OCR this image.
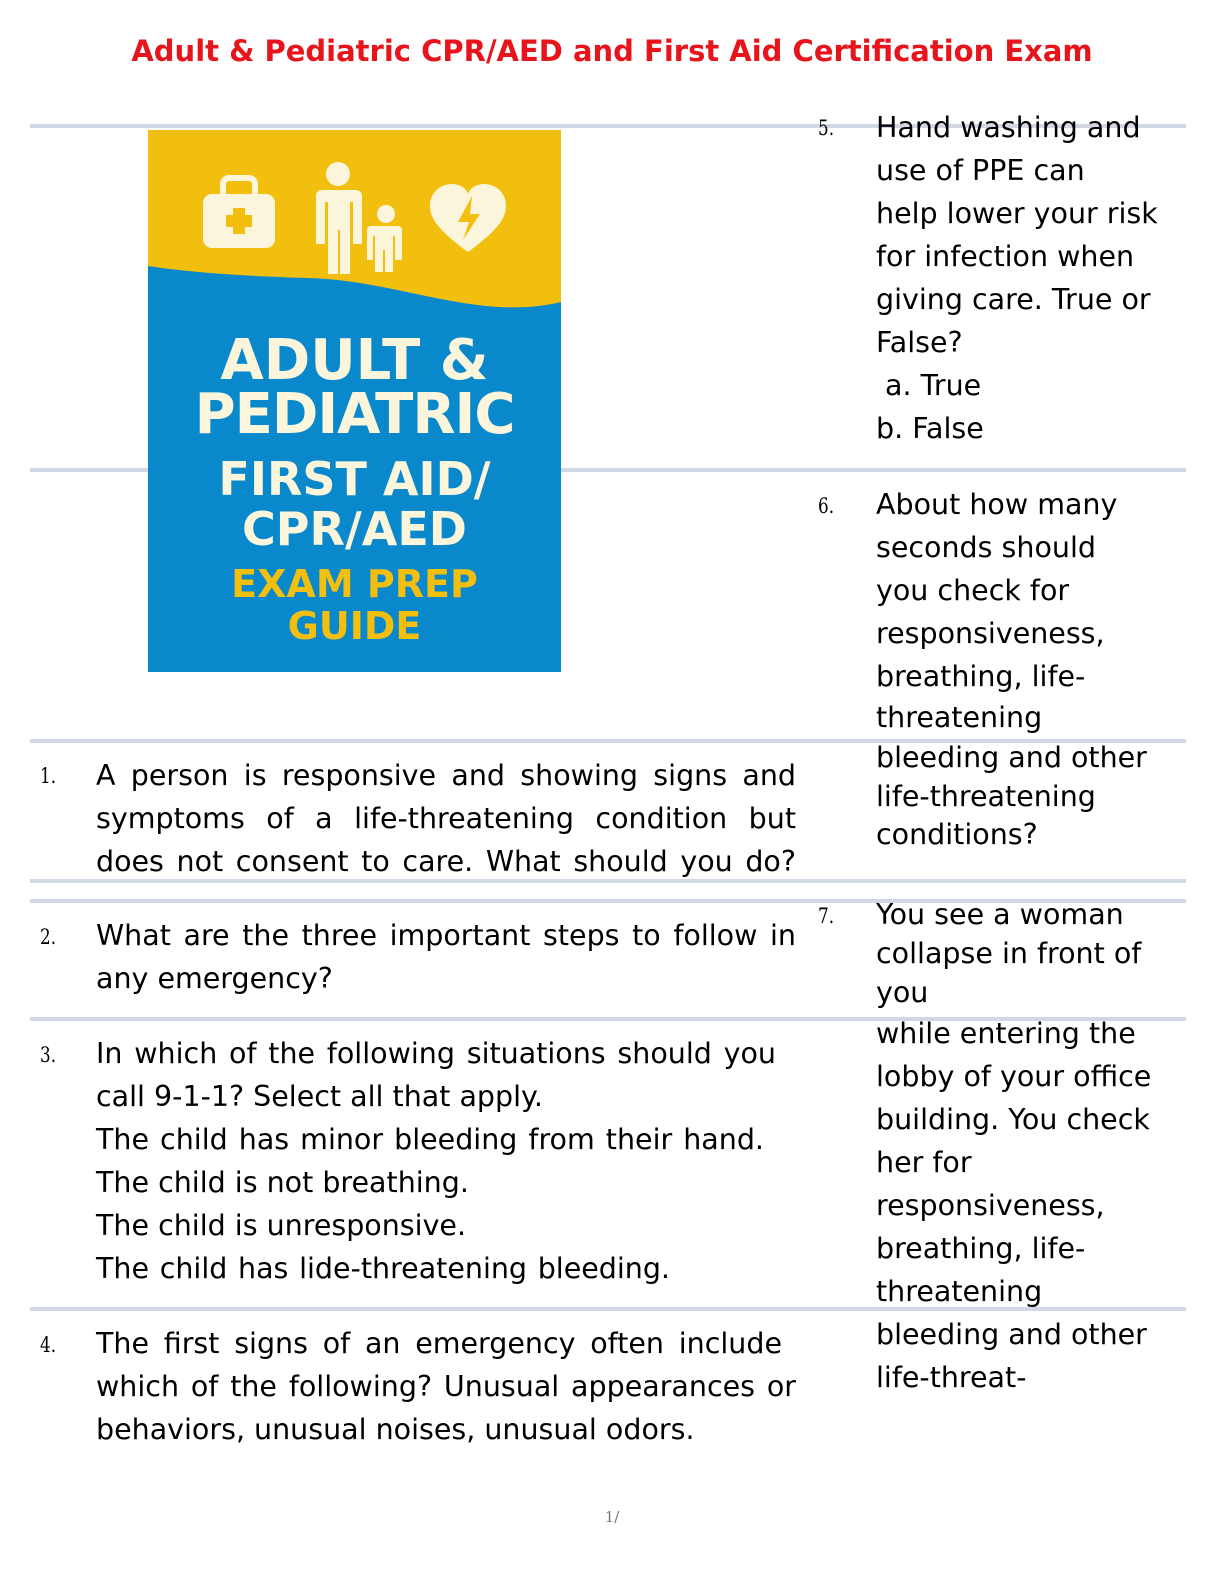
Adult & Pediatric CPR/AED and First Aid Certification Exam
ADULT &
PEDIATRIC
FIRST AID/
CPR/AED
EXAM PREP
GUIDE
1. A person is responsive and showing signs and
symptoms of a life-threatening condition but
does not consent to care. What should you do?
2. What are the three important steps to follow in
any emergency?
3. In which of the following situations should you
call 9-1-1? Select all that apply.
The child has minor bleeding from their hand.
The child is not breathing.
The child is unresponsive.
The child has lide-threatening bleeding.
4. The first signs of an emergency often include
which of the following? Unusual appearances or
behaviors, unusual noises, unusual odors.
5. Hand washing and
use of PPE can
help lower your risk
for infection when
giving care. True or
False?
a. True
b. False
6. About how many
seconds should
you check for
responsiveness,
breathing, life-
threatening
bleeding and other
life-threatening
conditions?
7. You see a woman
collapse in front of
you
while entering the
lobby of your office
building. You check
her for
responsiveness,
breathing, life-
threatening
bleeding and other
life-threat-
1/
